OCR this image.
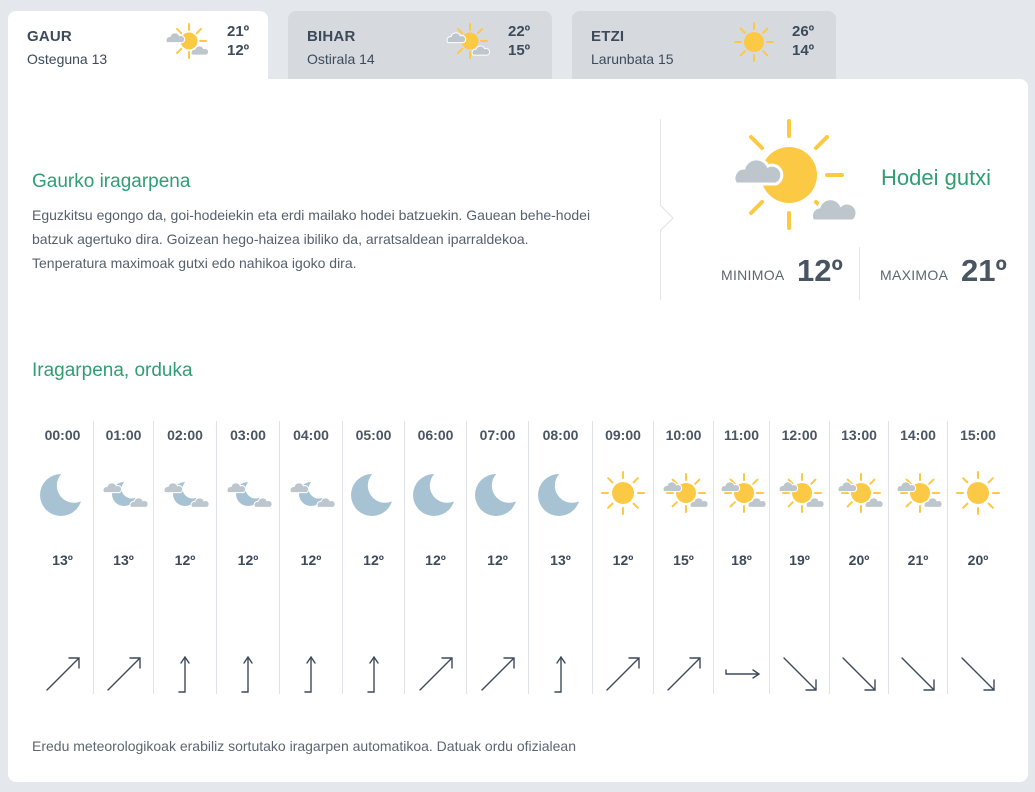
GAUR
Osteguna 13
21º
12º
BIHAR
Ostirala 14
22º
15º
ETZI
Larunbata 15
26º
14º
Gaurko iragarpena

Eguzkitsu egongo da, goi-hodeiekin eta erdi mailako hodei batzuekin. Gauean behe-hodei batzuk agertuko dira. Goizean hego-haizea ibiliko da, arratsaldean iparraldekoa. Tenperatura maximoak gutxi edo nahikoa igoko dira.

Hodei gutxi
MINIMOA 12º	MAXIMOA 21º
Iragarpena, orduka
00:00
13º
01:00
13º
02:00
12º
03:00
12º
04:00
12º
05:00
12º
06:00
12º
07:00
12º
08:00
13º
09:00
12º
10:00
15º
11:00
18º
12:00
19º
13:00
20º
14:00
21º
15:00
20º
Eredu meteorologikoak erabiliz sortutako iragarpen automatikoa. Datuak ordu ofizialean
